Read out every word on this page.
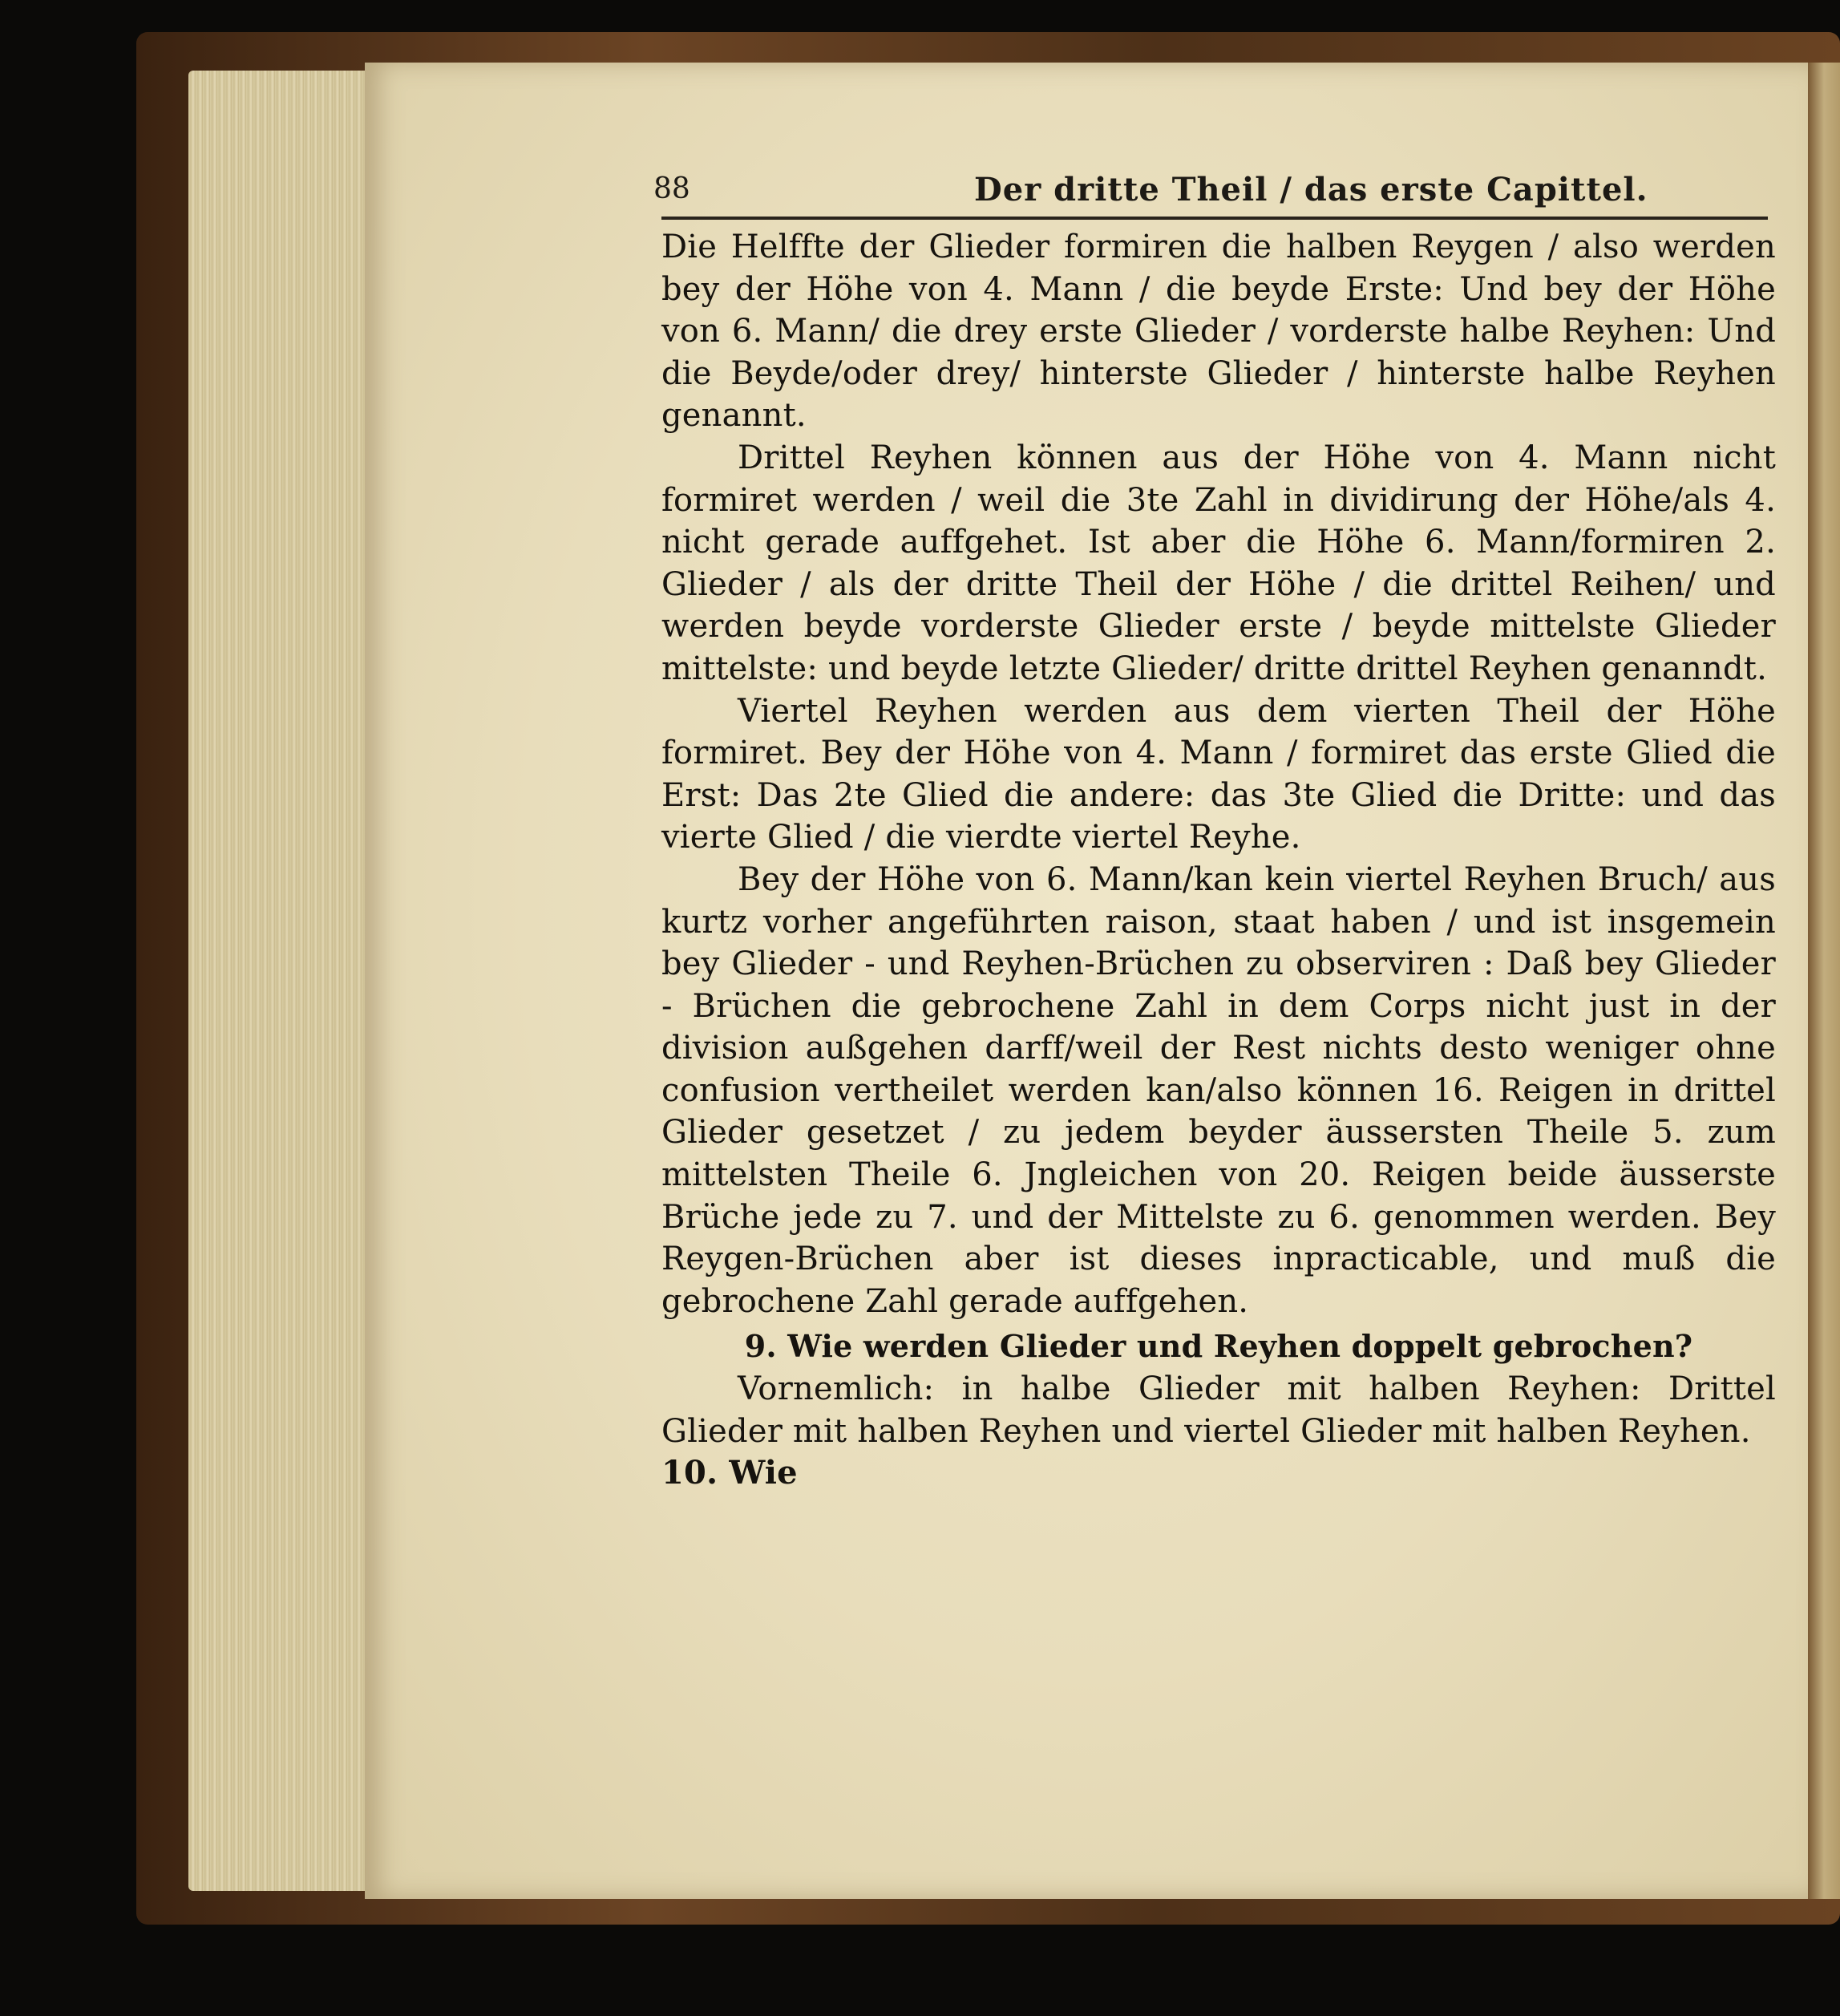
88	Der dritte Theil / das erste Capittel.

Die Helffte der Glieder formiren die halben Reygen / also werden bey der Höhe von 4. Mann / die beyde Erste: Und bey der Höhe von 6. Mann/ die drey erste Glieder / vorderste halbe Reyhen: Und die Beyde/oder drey/ hinterste Glieder / hinterste halbe Reyhen genannt.

Drittel Reyhen können aus der Höhe von 4. Mann nicht formiret werden / weil die 3te Zahl in dividirung der Höhe/als 4. nicht gerade auffgehet. Ist aber die Höhe 6. Mann/formiren 2. Glieder / als der dritte Theil der Höhe / die drittel Reihen/ und werden beyde vorderste Glieder erste / beyde mittelste Glieder mittelste: und beyde letzte Glieder/ dritte drittel Reyhen genanndt.

Viertel Reyhen werden aus dem vierten Theil der Höhe formiret. Bey der Höhe von 4. Mann / formiret das erste Glied die Erst: Das 2te Glied die andere: das 3te Glied die Dritte: und das vierte Glied / die vierdte viertel Reyhe.

Bey der Höhe von 6. Mann/kan kein viertel Reyhen Bruch/ aus kurtz vorher angeführten raison, staat haben / und ist insgemein bey Glieder - und Reyhen-Brüchen zu observiren : Daß bey Glieder - Brüchen die gebrochene Zahl in dem Corps nicht just in der division außgehen darff/weil der Rest nichts desto weniger ohne confusion vertheilet werden kan/also können 16. Reigen in drittel Glieder gesetzet / zu jedem beyder äussersten Theile 5. zum mittelsten Theile 6. Jngleichen von 20. Reigen beide äusserste Brüche jede zu 7. und der Mittelste zu 6. genommen werden. Bey Reygen-Brüchen aber ist dieses inpracticable, und muß die gebrochene Zahl gerade auffgehen.

9. Wie werden Glieder und Reyhen doppelt gebrochen?

Vornemlich: in halbe Glieder mit halben Reyhen: Drittel Glieder mit halben Reyhen und viertel Glieder mit halben Reyhen.

10. Wie
